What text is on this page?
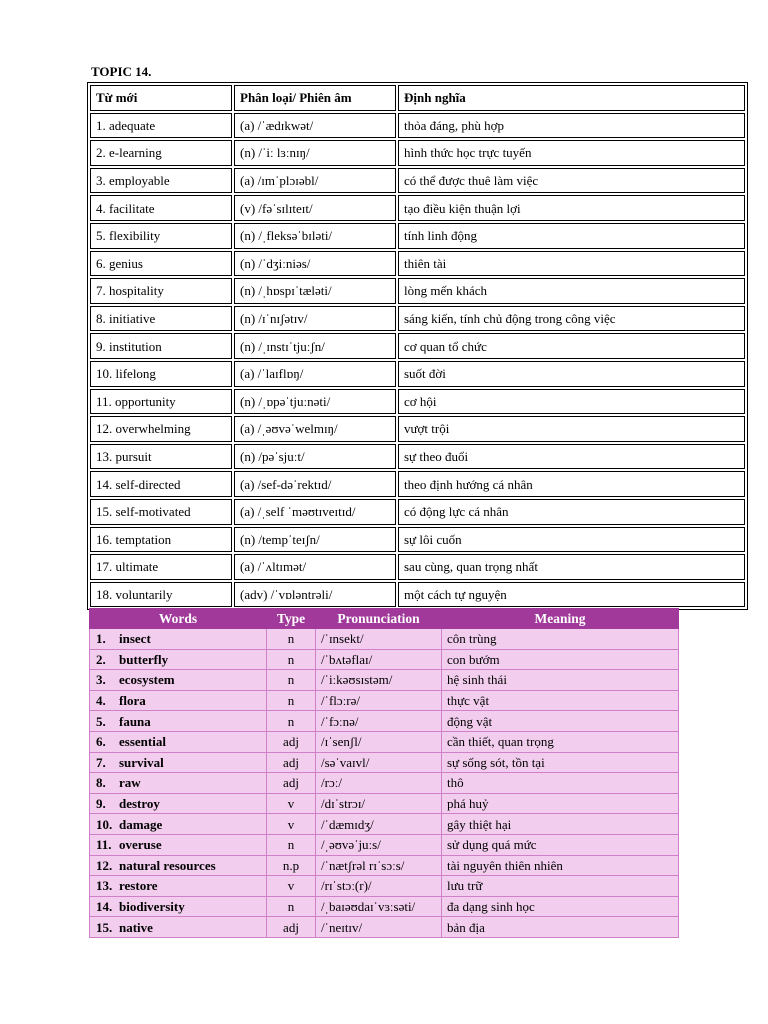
TOPIC 14.
Từ mới	Phân loại/ Phiên âm	Định nghĩa
1. adequate	(a) /ˈædɪkwət/	thỏa đáng, phù hợp
2. e-learning	(n) /ˈiː lɜːnɪŋ/	hình thức học trực tuyến
3. employable	(a) /ɪmˈplɔɪəbl/	có thể được thuê làm việc
4. facilitate	(v) /fəˈsɪlɪteɪt/	tạo điều kiện thuận lợi
5. flexibility	(n) /ˌfleksəˈbɪləti/	tính linh động
6. genius	(n) /ˈdʒiːniəs/	thiên tài
7. hospitality	(n) /ˌhɒspɪˈtæləti/	lòng mến khách
8. initiative	(n) /ɪˈnɪʃətɪv/	sáng kiến, tính chủ động trong công việc
9. institution	(n) /ˌɪnstɪˈtjuːʃn/	cơ quan tổ chức
10. lifelong	(a) /ˈlaɪflɒŋ/	suốt đời
11. opportunity	(n) /ˌɒpəˈtjuːnəti/	cơ hội
12. overwhelming	(a) /ˌəʊvəˈwelmɪŋ/	vượt trội
13. pursuit	(n) /pəˈsjuːt/	sự theo đuổi
14. self-directed	(a) /sef-dəˈrektɪd/	theo định hướng cá nhân
15. self-motivated	(a) /ˌself ˈməʊtɪveɪtɪd/	có động lực cá nhân
16. temptation	(n) /tempˈteɪʃn/	sự lôi cuốn
17. ultimate	(a) /ˈʌltɪmət/	sau cùng, quan trọng nhất
18. voluntarily	(adv) /ˈvɒləntrəli/	một cách tự nguyện
Words	Type	Pronunciation	Meaning
1. insect	n	/ˈɪnsekt/	côn trùng
2. butterfly	n	/ˈbʌtəflaɪ/	con bướm
3. ecosystem	n	/ˈiːkəʊsɪstəm/	hệ sinh thái
4. flora	n	/ˈflɔːrə/	thực vật
5. fauna	n	/ˈfɔːnə/	động vật
6. essential	adj	/ɪˈsenʃl/	cần thiết, quan trọng
7. survival	adj	/səˈvaɪvl/	sự sống sót, tồn tại
8. raw	adj	/rɔː/	thô
9. destroy	v	/dɪˈstrɔɪ/	phá huỷ
10. damage	v	/ˈdæmɪdʒ/	gây thiệt hại
11. overuse	n	/ˌəʊvəˈjuːs/	sử dụng quá mức
12. natural resources	n.p	/ˈnætʃrəl rɪˈsɔːs/	tài nguyên thiên nhiên
13. restore	v	/rɪˈstɔː(r)/	lưu trữ
14. biodiversity	n	/ˌbaɪəʊdaɪˈvɜːsəti/	đa dạng sinh học
15. native	adj	/ˈneɪtɪv/	bản địa
